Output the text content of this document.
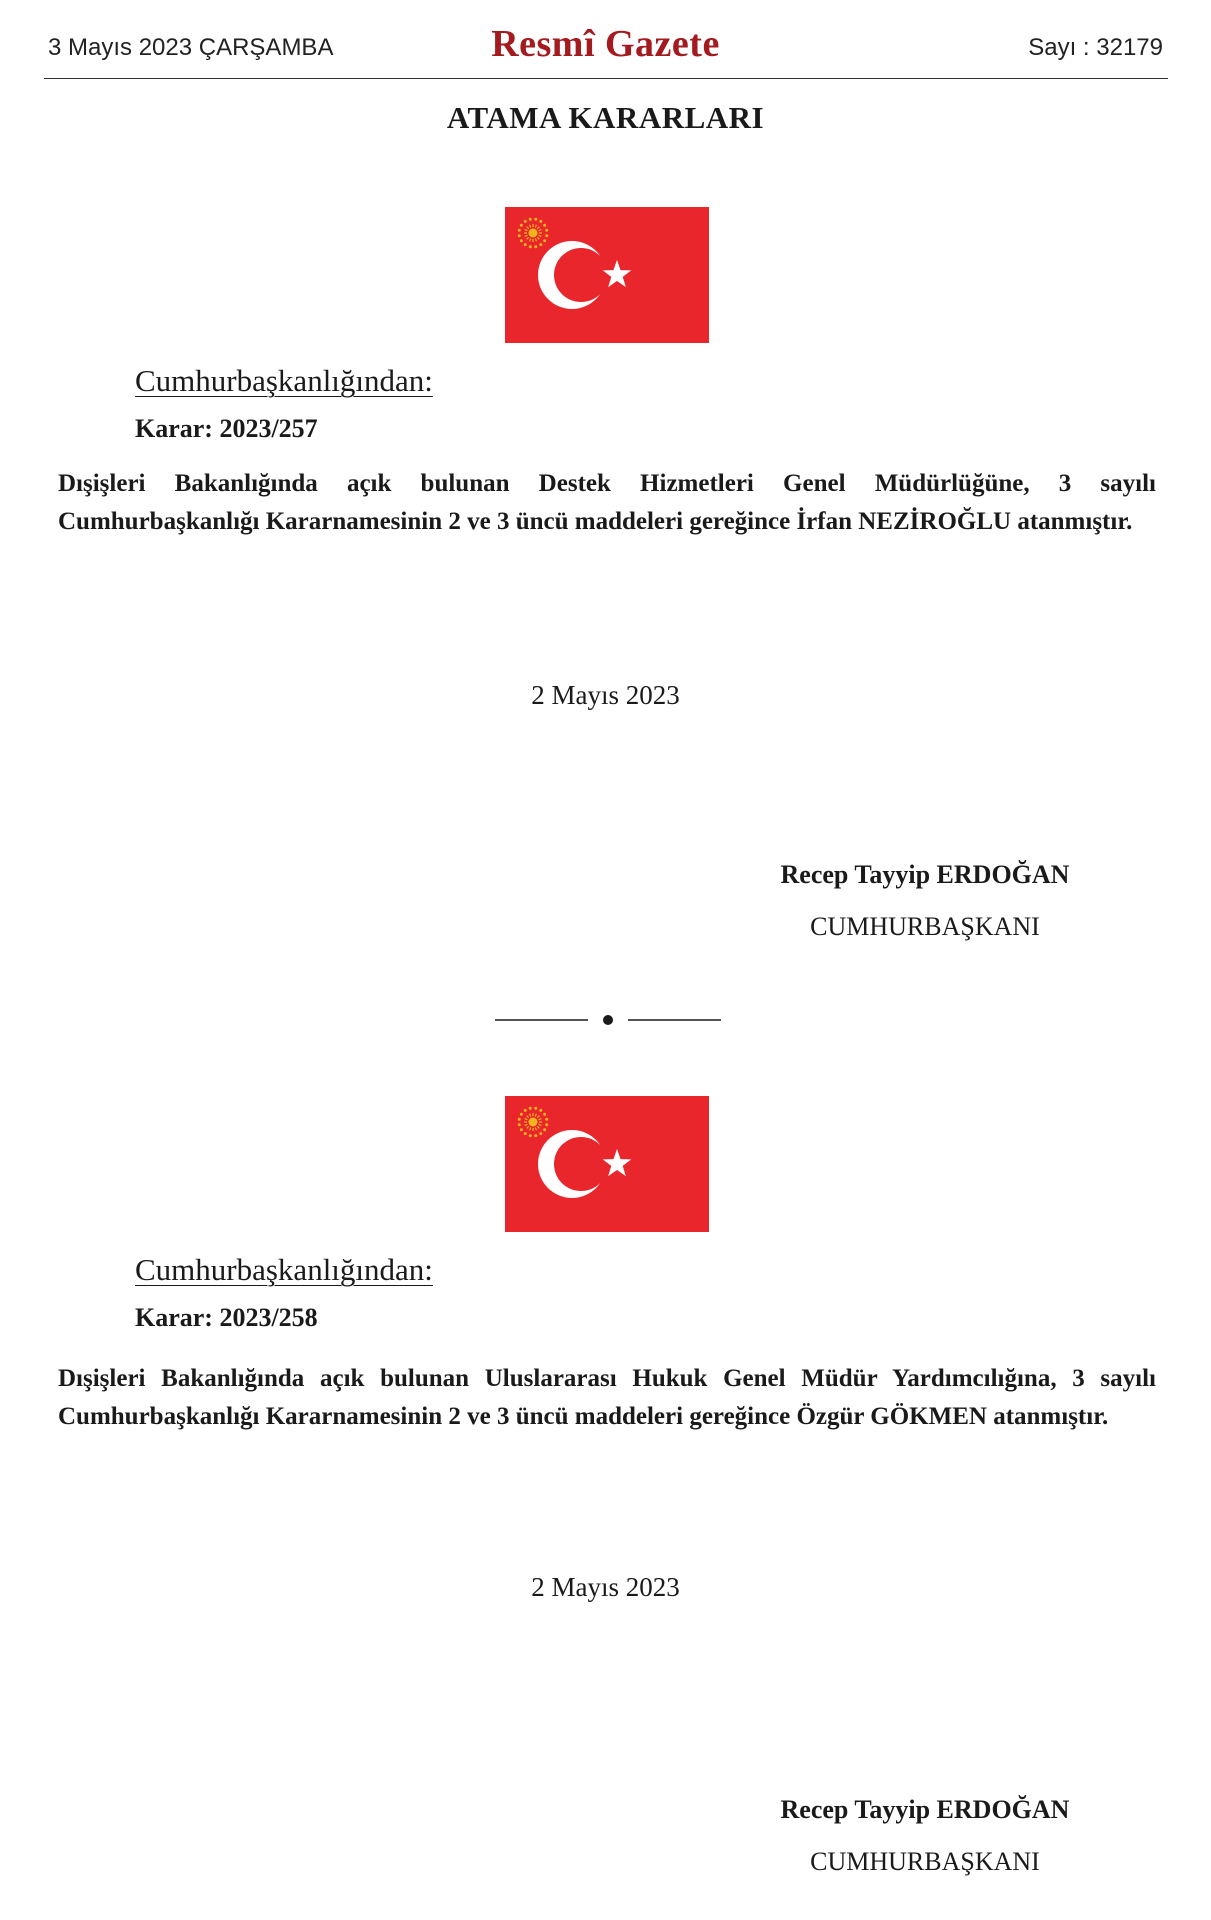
3 Mayıs 2023 ÇARŞAMBA	Resmî Gazete	Sayı : 32179
ATAMA KARARLARI
Cumhurbaşkanlığından:
Karar: 2023/257
Dışişleri Bakanlığında açık bulunan Destek Hizmetleri Genel Müdürlüğüne, 3 sayılı Cumhurbaşkanlığı Kararnamesinin 2 ve 3 üncü maddeleri gereğince İrfan NEZİROĞLU atanmıştır.
2 Mayıs 2023
Recep Tayyip ERDOĞAN
CUMHURBAŞKANI
Cumhurbaşkanlığından:
Karar: 2023/258
Dışişleri Bakanlığında açık bulunan Uluslararası Hukuk Genel Müdür Yardımcılığına, 3 sayılı Cumhurbaşkanlığı Kararnamesinin 2 ve 3 üncü maddeleri gereğince Özgür GÖKMEN atanmıştır.
2 Mayıs 2023
Recep Tayyip ERDOĞAN
CUMHURBAŞKANI
